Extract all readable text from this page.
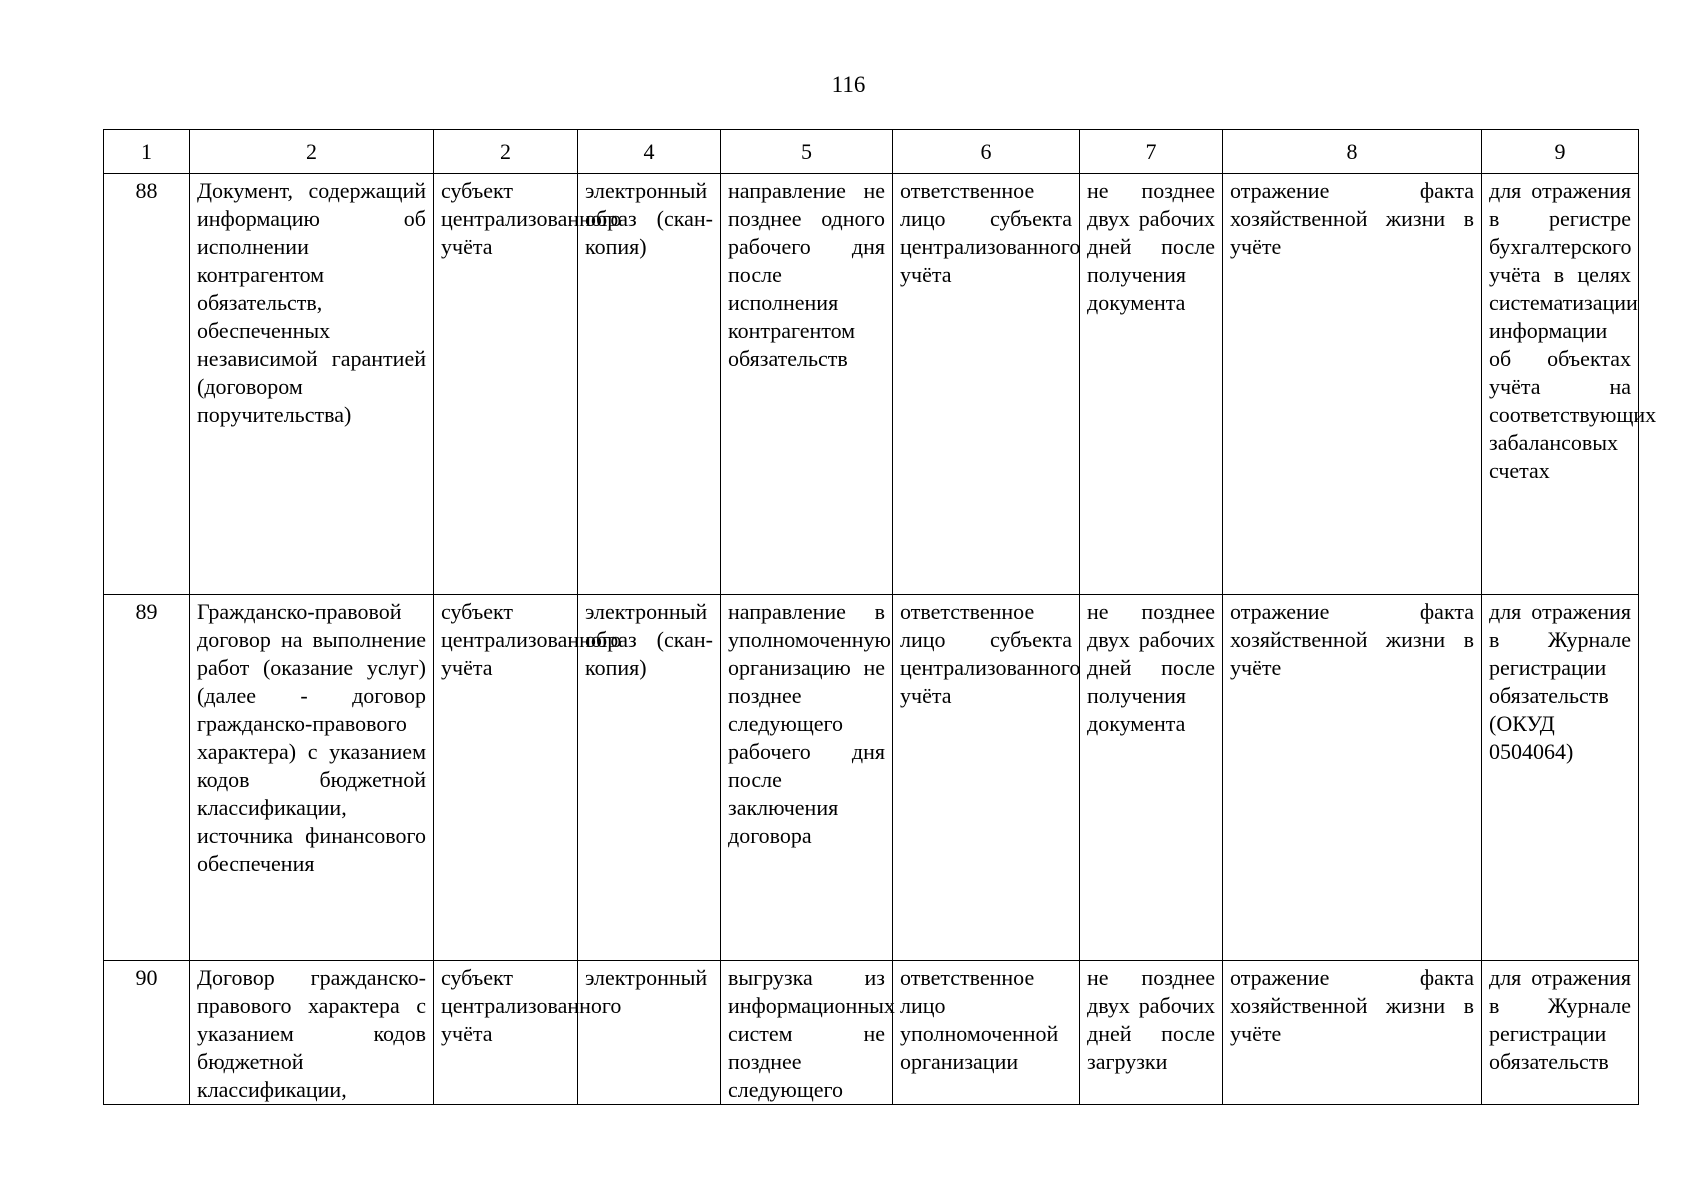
116
1	2	2	4	5	6	7	8	9
88	Документ, содержащий информацию об исполнении контрагентом обязательств, обеспеченных независимой гарантией (договором поручительства)	субъект централизованного учёта	электронный образ (скан-копия)	направление не позднее одного рабочего дня после исполнения контрагентом обязательств	ответственное лицо субъекта централизованного учёта	не позднее двух рабочих дней после получения документа	отражение факта хозяйственной жизни в учёте	для отражения в регистре бухгалтерского учёта в целях систематизации информации об объектах учёта на соответствующих забалансовых счетах
89	Гражданско-правовой договор на выполнение работ (оказание услуг) (далее - договор гражданско-правового характера) с указанием кодов бюджетной классификации, источника финансового обеспечения	субъект централизованного учёта	электронный образ (скан-копия)	направление в уполномоченную организацию не позднее следующего рабочего дня после заключения договора	ответственное лицо субъекта централизованного учёта	не позднее двух рабочих дней после получения документа	отражение факта хозяйственной жизни в учёте	для отражения в Журнале регистрации обязательств (ОКУД 0504064)
90	Договор гражданско-правового характера с указанием кодов бюджетной классификации,	субъект централизованного учёта	электронный	выгрузка из информационных систем не позднее следующего	ответственное лицо уполномоченной организации	не позднее двух рабочих дней после загрузки	отражение факта хозяйственной жизни в учёте	для отражения в Журнале регистрации обязательств
